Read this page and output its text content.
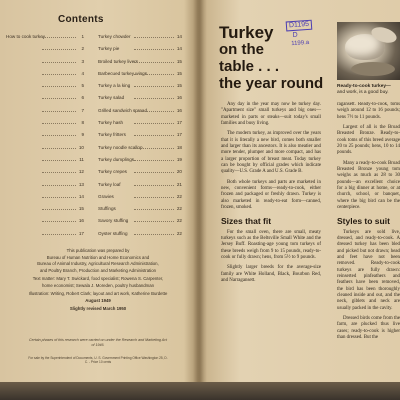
Contents
How to cook turkey	1
2
3
4
5
6
7
8
9
10
11
12
13
14
15
16
17
Turkey chowder	14
Turkey pie	14
Broiled turkey livers	15
Barbecued turkey wings	15
Turkey a la king	15
Turkey salad	16
Grilled sandwich spread	16
Turkey hash	17
Turkey fritters	17
Turkey noodle scallop	18
Turkey dumplings	19
Turkey crepes	20
Turkey loaf	21
Gravies	22
Stuffings	22
Savory stuffing	22
Oyster stuffing	22

This publication was prepared by

Bureau of Human Nutrition and Home Economics and

Bureau of Animal Industry, Agricultural Research Administration,

and Poultry Branch, Production and Marketing Administration

Text matter: Mary T. Swickard, food specialist; Rowena S. Carpenter,

home economist; Sewala J. Moreden, poultry husbandman

Illustration: Writing, Robert Clark; layout and art work, Katherine Burdette

August 1949

Slightly revised March 1950

Certain phases of this research were carried on under the Research and Marketing Act of 1946.
For sale by the Superintendent of Documents, U. S. Government Printing Office Washington 25, D. C. - Price 10 cents
Turkey
on the
table . . .
the year round
D1195
D
1199.a
Ready-to-cook turkey— and work, is a good buy.

Any day in the year may now be turkey day. "Apartment size" small turkeys and big ones—marketed in parts or steaks—suit today's small families and busy living.

The modern turkey, as improved over the years that it is literally a new bird, comes both smaller and larger than its ancestors. It is also meatier and more tender, plumper and more compact, and has a larger proportion of breast meat. Today turkey can be bought by official grades which indicate quality—U.S. Grade A and U.S. Grade B.

Both whole turkeys and parts are marketed in new, convenient forms—ready-to-cook, either frozen and packaged or freshly drawn. Turkey is also marketed in ready-to-eat form—canned, frozen, smoked.

Sizes that fit

For the small oven, there are small, meaty turkeys such as the Beltsville Small White and the Jersey Buff. Roasting-age young tom turkeys of these breeds weigh from 9 to 15 pounds, ready-to-cook or fully drawn; hens, from 5½ to 9 pounds.

Slightly larger breeds for the average-size family are White Holland, Black, Bourbon Red, and Narragansett.

ragansett. Ready-to-cook, toms weigh around 12 to 16 pounds; hens 7½ to 11 pounds.

Largest of all is the Broad Breasted Bronze. Ready-to-cook toms of this breed average 20 to 25 pounds; hens, 10 to 14 pounds.

Many a ready-to-cook Broad Breasted Bronze young tom weighs as much as 28 to 30 pounds—an excellent choice for a big dinner at home, or at church, school, or banquet, where the big bird can be the centerpiece.

Styles to suit

Turkeys are sold live, dressed, and ready-to-cook. A dressed turkey has been bled and picked but not drawn; head and feet have not been removed. Ready-to-cook turkeys are fully drawn: reinserted pinfeathers and feathers have been removed, the bird has been thoroughly cleaned inside and out, and the neck, giblets and neck are usually packed in the cavity.

Dressed birds come from the farm, are plucked thus live cases; ready-to-cook is higher than dressed. But the
